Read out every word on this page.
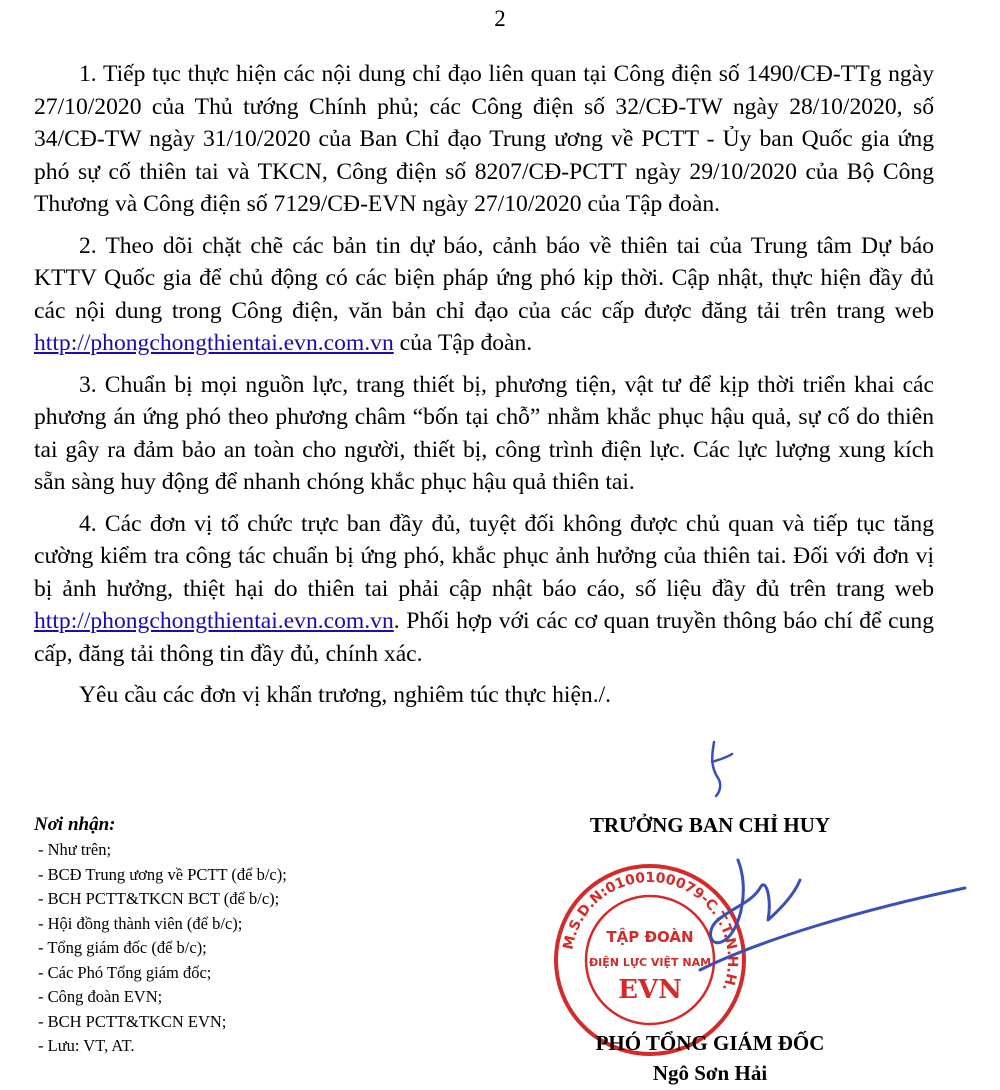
2

1. Tiếp tục thực hiện các nội dung chỉ đạo liên quan tại Công điện số 1490/CĐ-TTg ngày 27/10/2020 của Thủ tướng Chính phủ; các Công điện số 32/CĐ-TW ngày 28/10/2020, số 34/CĐ-TW ngày 31/10/2020 của Ban Chỉ đạo Trung ương về PCTT - Ủy ban Quốc gia ứng phó sự cố thiên tai và TKCN, Công điện số 8207/CĐ-PCTT ngày 29/10/2020 của Bộ Công Thương và Công điện số 7129/CĐ-EVN ngày 27/10/2020 của Tập đoàn.

2. Theo dõi chặt chẽ các bản tin dự báo, cảnh báo về thiên tai của Trung tâm Dự báo KTTV Quốc gia để chủ động có các biện pháp ứng phó kịp thời. Cập nhật, thực hiện đầy đủ các nội dung trong Công điện, văn bản chỉ đạo của các cấp được đăng tải trên trang web http://phongchongthientai.evn.com.vn của Tập đoàn.

3. Chuẩn bị mọi nguồn lực, trang thiết bị, phương tiện, vật tư để kịp thời triển khai các phương án ứng phó theo phương châm “bốn tại chỗ” nhằm khắc phục hậu quả, sự cố do thiên tai gây ra đảm bảo an toàn cho người, thiết bị, công trình điện lực. Các lực lượng xung kích sẵn sàng huy động để nhanh chóng khắc phục hậu quả thiên tai.

4. Các đơn vị tổ chức trực ban đầy đủ, tuyệt đối không được chủ quan và tiếp tục tăng cường kiểm tra công tác chuẩn bị ứng phó, khắc phục ảnh hưởng của thiên tai. Đối với đơn vị bị ảnh hưởng, thiệt hại do thiên tai phải cập nhật báo cáo, số liệu đầy đủ trên trang web http://phongchongthientai.evn.com.vn. Phối hợp với các cơ quan truyền thông báo chí để cung cấp, đăng tải thông tin đầy đủ, chính xác.

Yêu cầu các đơn vị khẩn trương, nghiêm túc thực hiện./.

Nơi nhận:
- Như trên;
- BCĐ Trung ương về PCTT (để b/c);
- BCH PCTT&TKCN BCT (để b/c);
- Hội đồng thành viên (để b/c);
- Tổng giám đốc (để b/c);
- Các Phó Tổng giám đốc;
- Công đoàn EVN;
- BCH PCTT&TKCN EVN;
- Lưu: VT, AT.
TRƯỞNG BAN CHỈ HUY
M.S.D.N:0100100079-C.T.T.N.H.H.
TẬP ĐOÀN
ĐIỆN LỰC VIỆT NAM
EVN
PHÓ TỔNG GIÁM ĐỐC
Ngô Sơn Hải
